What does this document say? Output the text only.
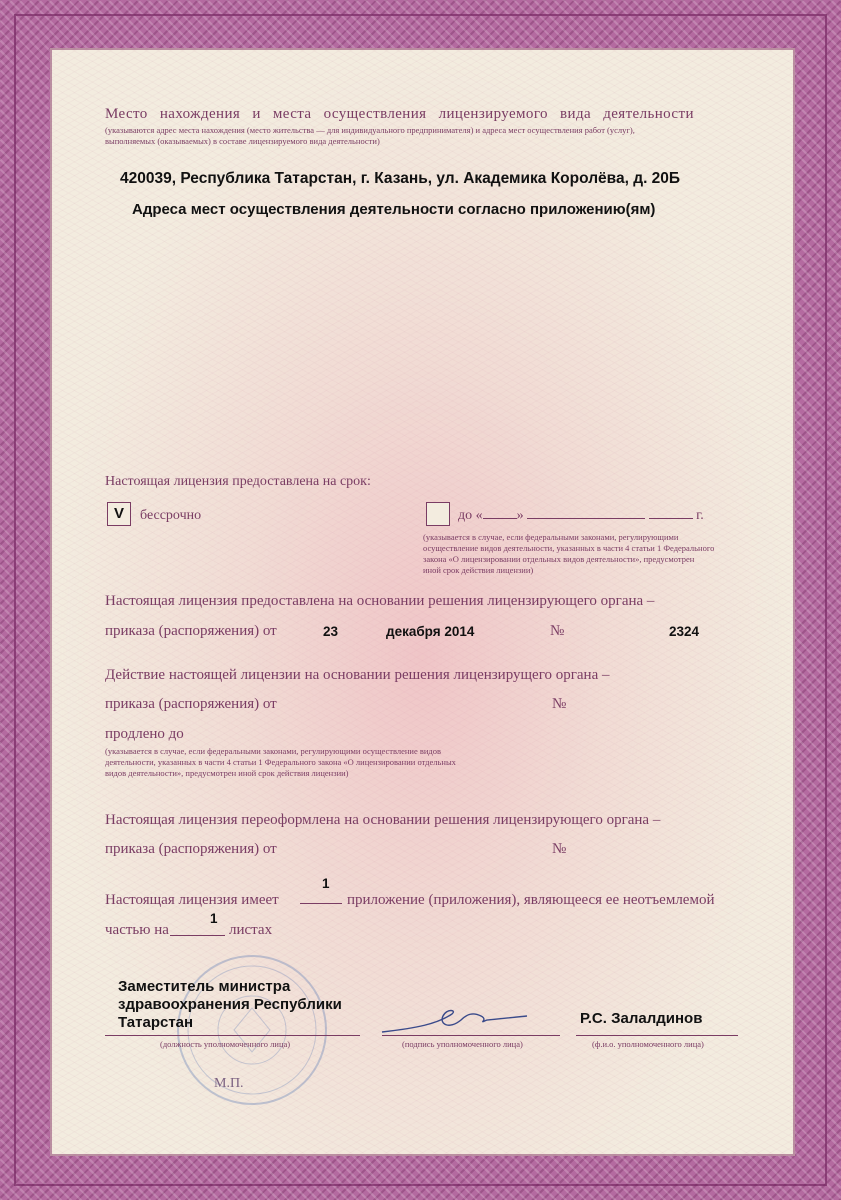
Место нахождения и места осуществления лицензируемого вида деятельности
(указываются адрес места нахождения (место жительства — для индивидуального предпринимателя) и адреса мест осуществления работ (услуг),
выполняемых (оказываемых) в составе лицензируемого вида деятельности)
420039, Республика Татарстан, г. Казань, ул. Академика Королёва, д. 20Б
Адреса мест осуществления деятельности согласно приложению(ям)
Настоящая лицензия предоставлена на срок:
V	бессрочно	до « »	г.
(указывается в случае, если федеральными законами, регулирующими
осуществление видов деятельности, указанных в части 4 статьи 1 Федерального
закона «О лицензировании отдельных видов деятельности», предусмотрен
иной срок действия лицензии)
Настоящая лицензия предоставлена на основании решения лицензирующего органа –
приказа (распоряжения) от	23	декабря 2014	№	2324
Действие настоящей лицензии на основании решения лицензирущего органа –
приказа (распоряжения) от	№
продлено до
(указывается в случае, если федеральными законами, регулирующими осуществление видов
деятельности, указанных в части 4 статьи 1 Федерального закона «О лицензировании отдельных
видов деятельности», предусмотрен иной срок действия лицензии)
Настоящая лицензия переоформлена на основании решения лицензирующего органа –
приказа (распоряжения) от	№
Настоящая лицензия имеет
1
приложение (приложения), являющееся ее неотъемлемой
частью на
1
листах
М.П.
Заместитель министра
здравоохранения Республики
Татарстан
(должность уполномоченного лица)	(подпись уполномоченного лица)
Р.С. Залалдинов
(ф.и.о. уполномоченного лица)
